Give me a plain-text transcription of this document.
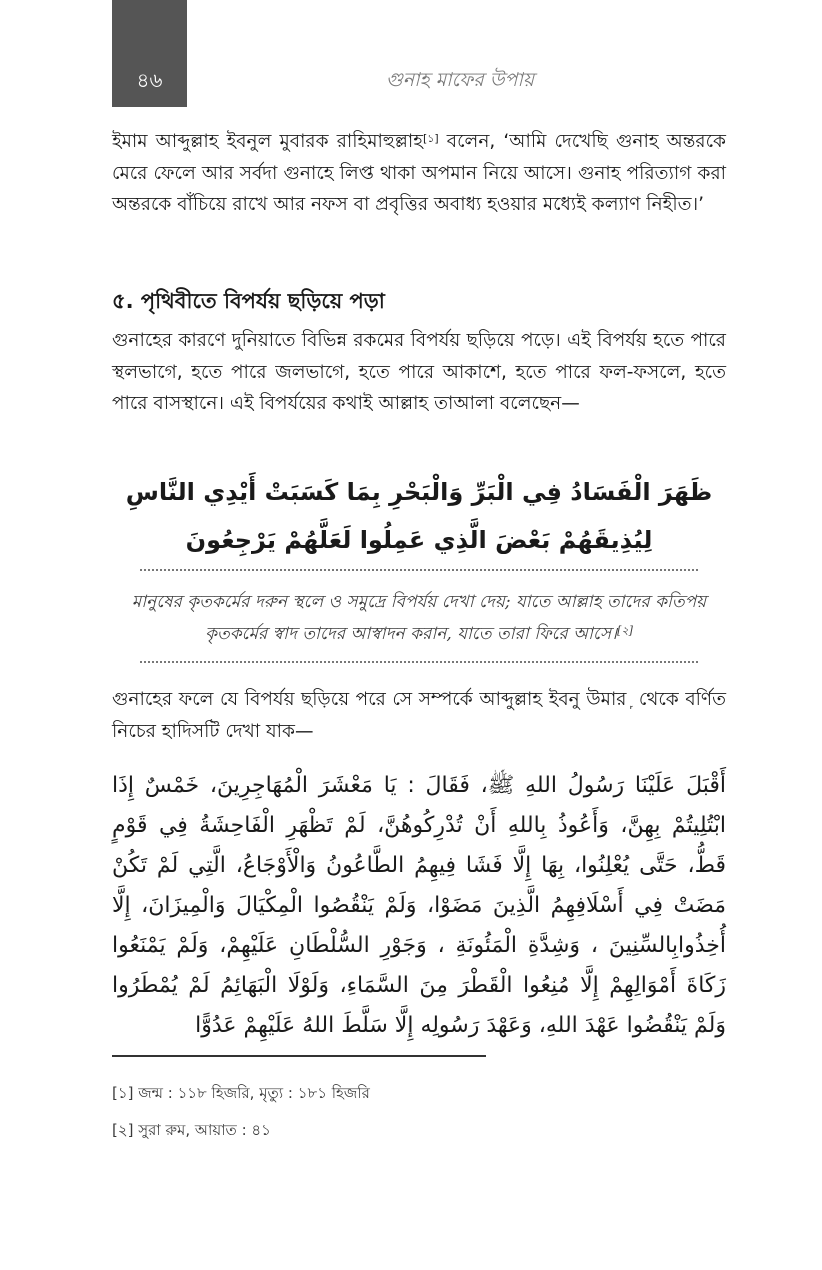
৪৬	গুনাহ মাফের উপায়

ইমাম আব্দুল্লাহ ইবনুল মুবারক রাহিমাহুল্লাহ[১] বলেন, ‘আমি দেখেছি গুনাহ অন্তরকে মেরে ফেলে আর সর্বদা গুনাহে লিপ্ত থাকা অপমান নিয়ে আসে। গুনাহ পরিত্যাগ করা অন্তরকে বাঁচিয়ে রাখে আর নফস বা প্রবৃত্তির অবাধ্য হওয়ার মধ্যেই কল্যাণ নিহীত।’

৫. পৃথিবীতে বিপর্যয় ছড়িয়ে পড়া

গুনাহের কারণে দুনিয়াতে বিভিন্ন রকমের বিপর্যয় ছড়িয়ে পড়ে। এই বিপর্যয় হতে পারে স্থলভাগে, হতে পারে জলভাগে, হতে পারে আকাশে, হতে পারে ফল-ফসলে, হতে পারে বাসস্থানে। এই বিপর্যয়ের কথাই আল্লাহ তাআলা বলেছেন—

ظَهَرَ الْفَسَادُ فِي الْبَرِّ وَالْبَحْرِ بِمَا كَسَبَتْ أَيْدِي النَّاسِ لِيُذِيقَهُمْ بَعْضَ الَّذِي عَمِلُوا لَعَلَّهُمْ يَرْجِعُونَ
মানুষের কৃতকর্মের দরুন স্থলে ও সমুদ্রে বিপর্যয় দেখা দেয়; যাতে আল্লাহ তাদের কতিপয় কৃতকর্মের স্বাদ তাদের আস্বাদন করান, যাতে তারা ফিরে আসে।[২]

গুনাহের ফলে যে বিপর্যয় ছড়িয়ে পরে সে সম্পর্কে আব্দুল্লাহ ইবনু উমার ᷊ থেকে বর্ণিত নিচের হাদিসটি দেখা যাক—

أَقْبَلَ عَلَيْنَا رَسُولُ اللهِ ﷺ، فَقَالَ : يَا مَعْشَرَ الْمُهَاجِرِينَ، خَمْسٌ إِذَا ابْتُلِيتُمْ بِهِنَّ، وَأَعُوذُ بِاللهِ أَنْ تُدْرِكُوهُنَّ، لَمْ تَظْهَرِ الْفَاحِشَةُ فِي قَوْمٍ قَطُّ، حَتَّى يُعْلِنُوا، بِهَا إِلَّا فَشَا فِيهِمُ الطَّاعُونُ وَالْأَوْجَاعُ، الَّتِي لَمْ تَكُنْ مَضَتْ فِي أَسْلَافِهِمُ الَّذِينَ مَضَوْا، وَلَمْ يَنْقُصُوا الْمِكْيَالَ وَالْمِيزَانَ، إِلَّا أُخِذُوابِالسِّنِينَ ، وَشِدَّةِ الْمَئُونَةِ ، وَجَوْرِ السُّلْطَانِ عَلَيْهِمْ، وَلَمْ يَمْنَعُوا زَكَاةَ أَمْوَالِهِمْ إِلَّا مُنِعُوا الْقَطْرَ مِنَ السَّمَاءِ، وَلَوْلَا الْبَهَائِمُ لَمْ يُمْطَرُوا وَلَمْ يَنْقُضُوا عَهْدَ اللهِ، وَعَهْدَ رَسُولِه إِلَّا سَلَّطَ اللهُ عَلَيْهِمْ عَدُوًّا
[১] জন্ম : ১১৮ হিজরি, মৃত্যু : ১৮১ হিজরি
[২] সুরা রুম, আয়াত : ৪১
